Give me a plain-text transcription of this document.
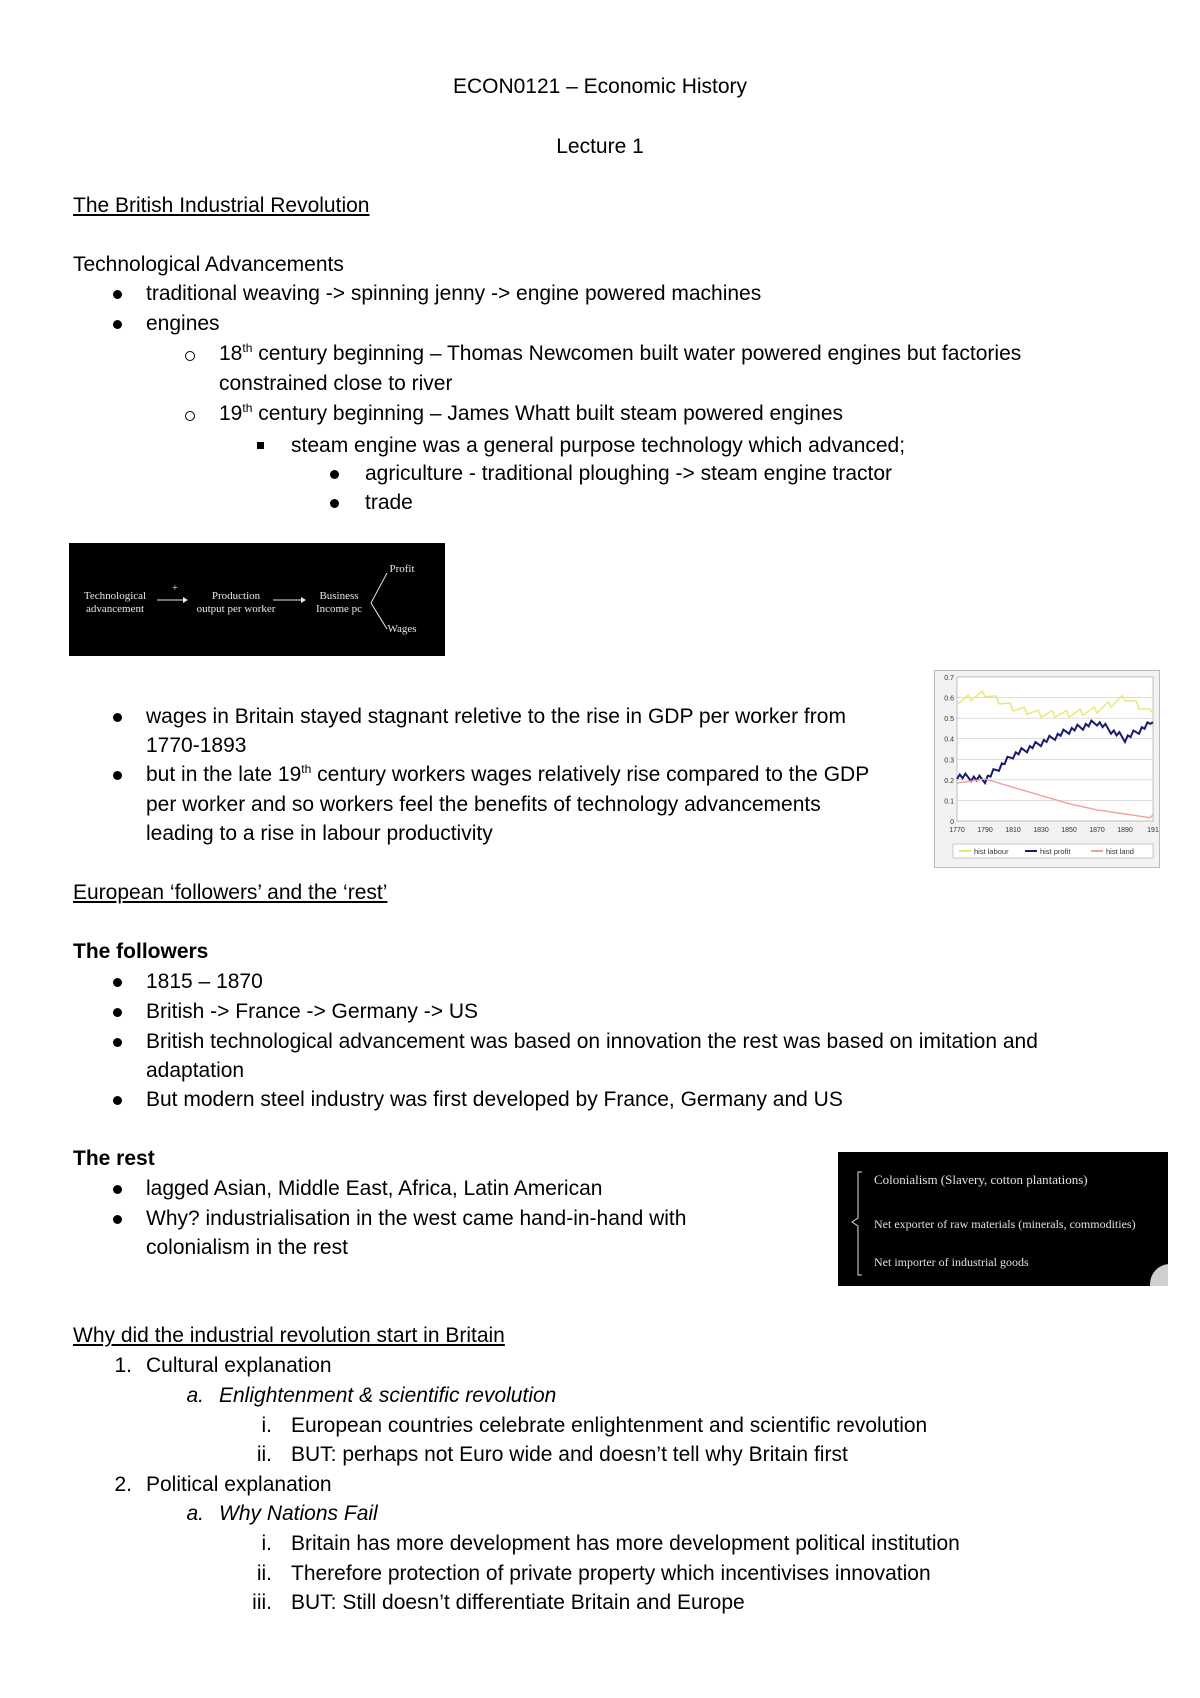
ECON0121 – Economic History
Lecture 1
The British Industrial Revolution
Technological Advancements
traditional weaving -> spinning jenny -> engine powered machines
engines
18th century beginning – Thomas Newcomen built water powered engines but factories
constrained close to river
19th century beginning – James Whatt built steam powered engines
steam engine was a general purpose technology which advanced;
agriculture - traditional ploughing -> steam engine tractor
trade
Technological
advancement
+
Production
output per worker
Business
Income pc
Profit
Wages
wages in Britain stayed stagnant reletive to the rise in GDP per worker from
1770-1893
but in the late 19th century workers wages relatively rise compared to the GDP
per worker and so workers feel the benefits of technology advancements
leading to a rise in labour productivity	0
0.1
0.2
0.3
0.4
0.5
0.6
0.7
1770 1790 1810 1830 1850 1870 1890 191
hist labour	hist profit	hist land
European ‘followers’ and the ‘rest’
The followers
1815 – 1870
British -> France -> Germany -> US
British technological advancement was based on innovation the rest was based on imitation and
adaptation
But modern steel industry was first developed by France, Germany and US
The rest
lagged Asian, Middle East, Africa, Latin American
Why? industrialisation in the west came hand-in-hand with
colonialism in the rest
Colonialism (Slavery, cotton plantations)
Net exporter of raw materials (minerals, commodities)
Net importer of industrial goods
Why did the industrial revolution start in Britain
1. Cultural explanation
a. Enlightenment & scientific revolution
i. European countries celebrate enlightenment and scientific revolution
ii. BUT: perhaps not Euro wide and doesn’t tell why Britain first
2. Political explanation
a. Why Nations Fail
i. Britain has more development has more development political institution
ii. Therefore protection of private property which incentivises innovation
iii. BUT: Still doesn’t differentiate Britain and Europe
